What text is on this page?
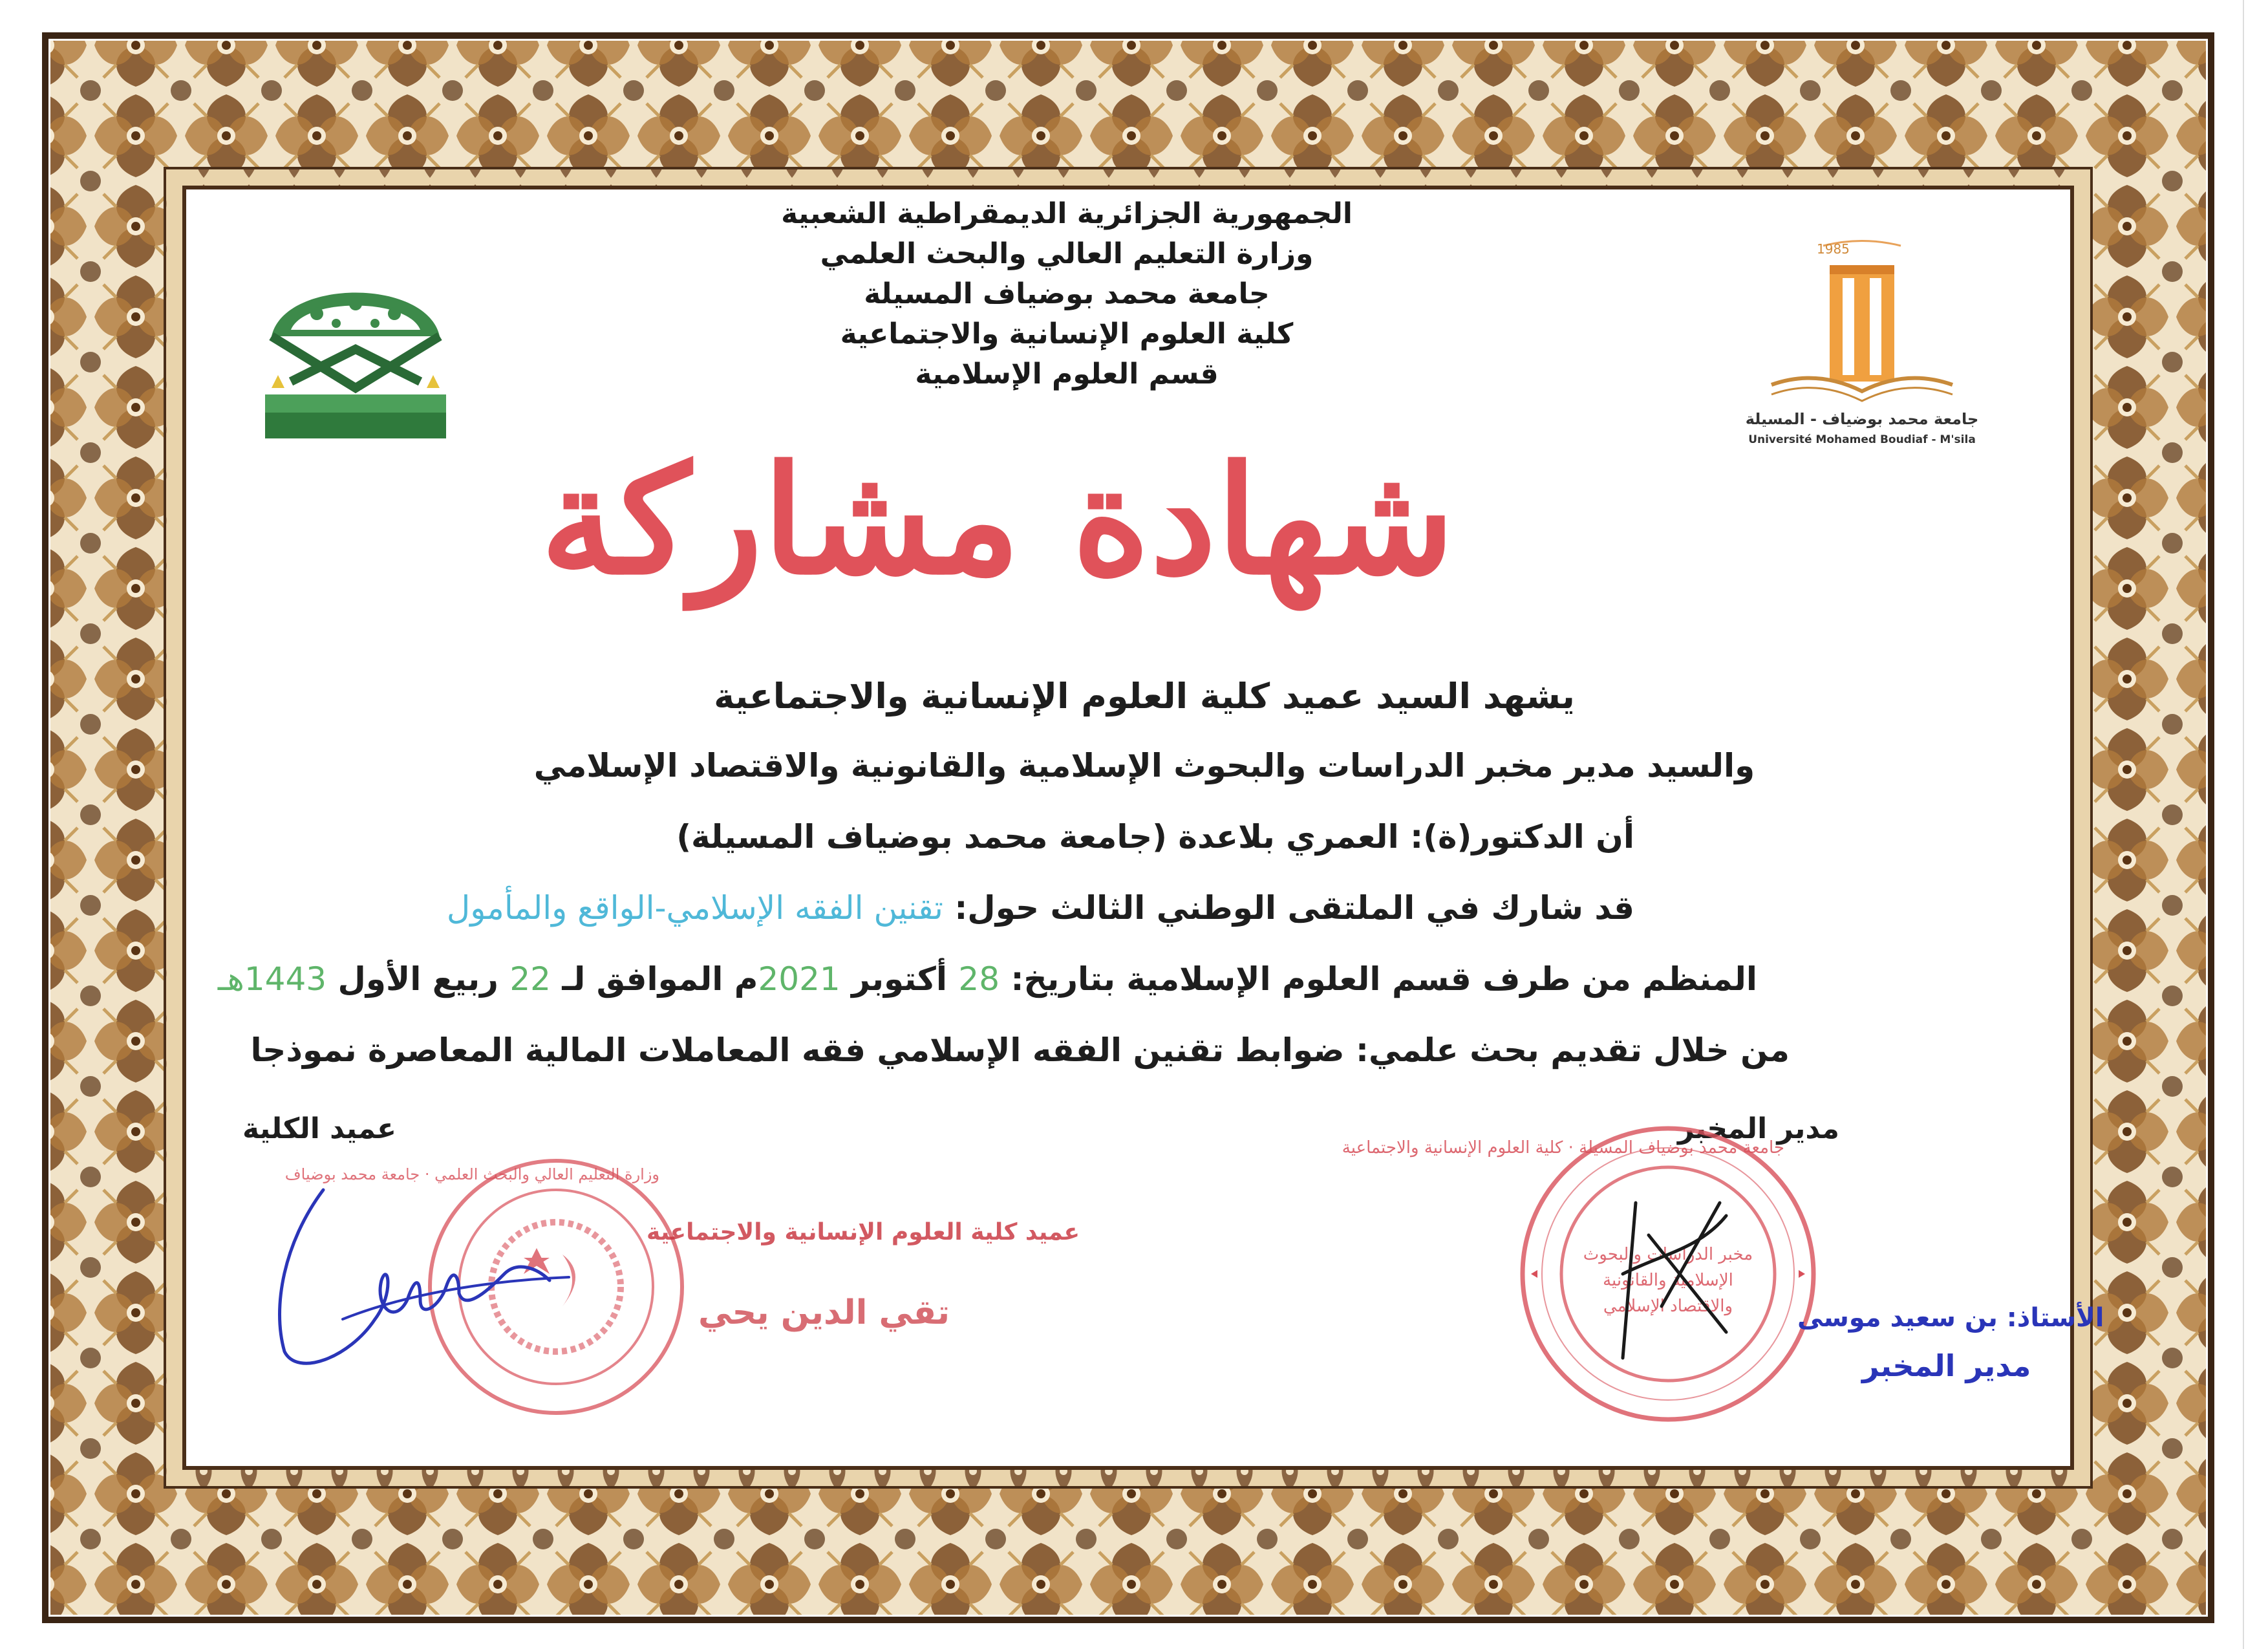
1985
جامعة محمد بوضياف - المسيلة
Université Mohamed Boudiaf - M'sila
الجمهورية الجزائرية الديمقراطية الشعبية
وزارة التعليم العالي والبحث العلمي
جامعة محمد بوضياف المسيلة
كلية العلوم الإنسانية والاجتماعية
قسم العلوم الإسلامية
شهادة مشاركة
يشهد السيد عميد كلية العلوم الإنسانية والاجتماعية
والسيد مدير مخبر الدراسات والبحوث الإسلامية والقانونية والاقتصاد الإسلامي
أن الدكتور(ة): العمري بلاعدة (جامعة محمد بوضياف المسيلة)
قد شارك في الملتقى الوطني الثالث حول: تقنين الفقه الإسلامي-الواقع والمأمول
المنظم من طرف قسم العلوم الإسلامية بتاريخ: 28 أكتوبر 2021م الموافق لـ 22 ربيع الأول 1443هـ
من خلال تقديم بحث علمي: ضوابط تقنين الفقه الإسلامي فقه المعاملات المالية المعاصرة نموذجا
عميد الكلية	مدير المخبر
وزارة التعليم العالي والبحث العلمي · جامعة محمد بوضياف
عميد كلية العلوم الإنسانية والاجتماعية
تقي الدين يحي
جامعة محمد بوضياف المسيلة · كلية العلوم الإنسانية والاجتماعية
مخبر الدراسات والبحوث الإسلامية والقانونية والاقتصاد الإسلامي	الأستاذ: بن سعيد موسى
مدير المخبر
